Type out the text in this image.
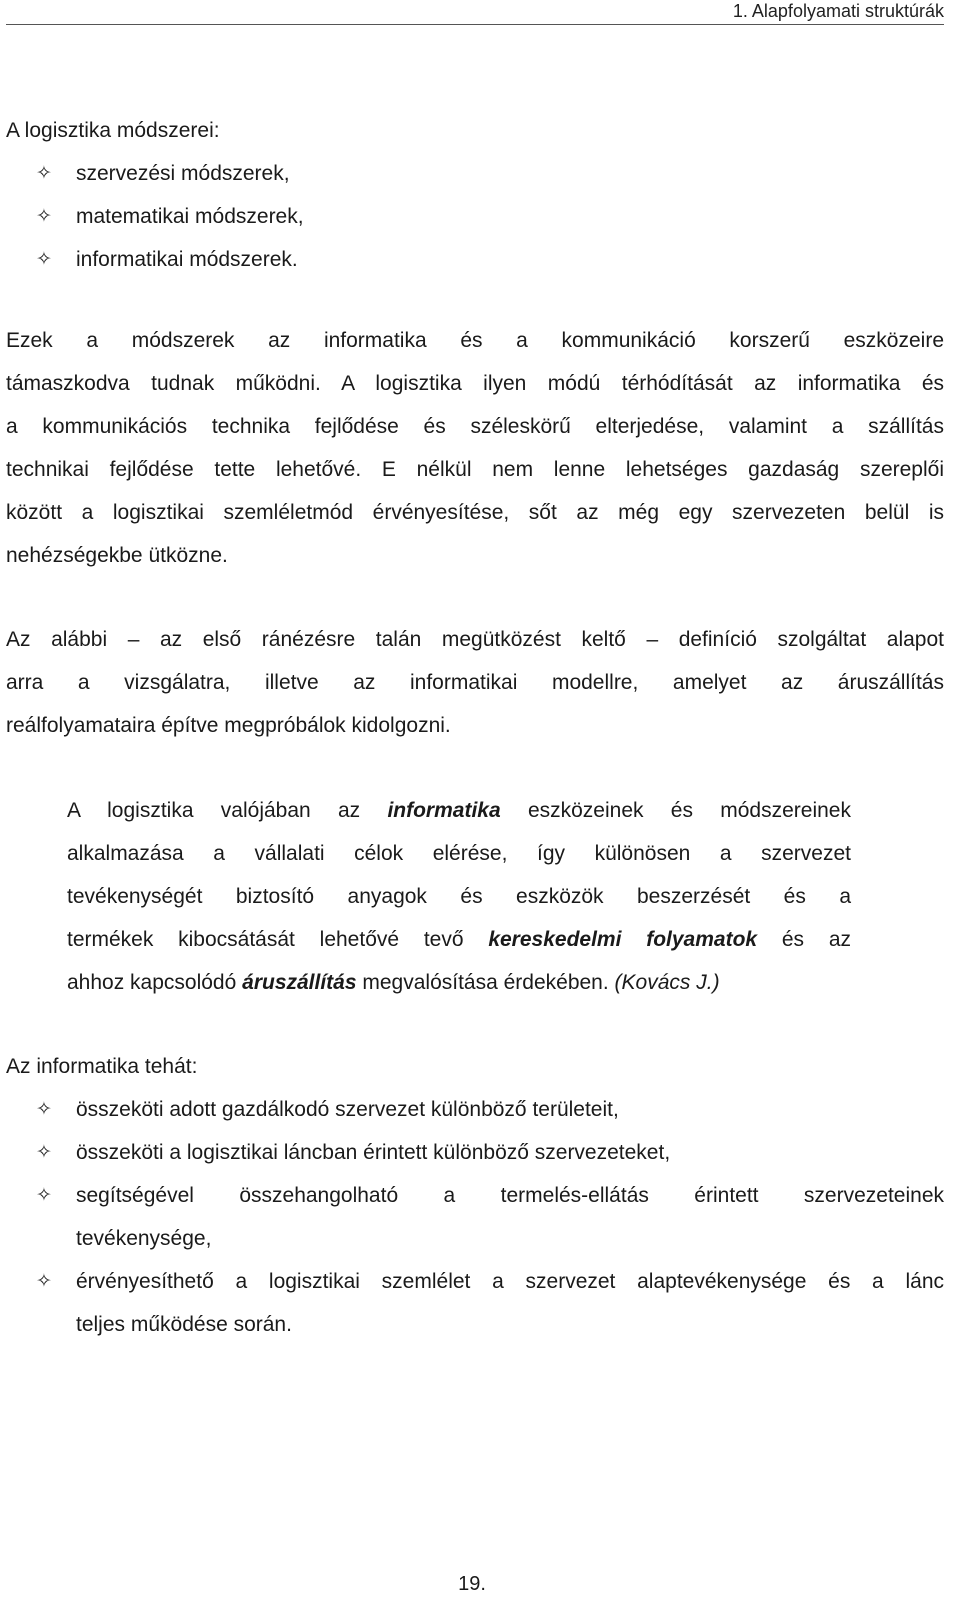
1. Alapfolyamati struktúrák
A logisztika módszerei:
✧ szervezési módszerek,
✧ matematikai módszerek,
✧ informatikai módszerek.
Ezek a módszerek az informatika és a kommunikáció korszerű eszközeire
támaszkodva tudnak működni. A logisztika ilyen módú térhódítását az informatika és
a kommunikációs technika fejlődése és széleskörű elterjedése, valamint a szállítás
technikai fejlődése tette lehetővé. E nélkül nem lenne lehetséges gazdaság szereplői
között a logisztikai szemléletmód érvényesítése, sőt az még egy szervezeten belül is
nehézségekbe ütközne.
Az alábbi – az első ránézésre talán megütközést keltő – definíció szolgáltat alapot
arra a vizsgálatra, illetve az informatikai modellre, amelyet az áruszállítás
reálfolyamataira építve megpróbálok kidolgozni.
A logisztika valójában az informatika eszközeinek és módszereinek
alkalmazása a vállalati célok elérése, így különösen a szervezet
tevékenységét biztosító anyagok és eszközök beszerzését és a
termékek kibocsátását lehetővé tevő kereskedelmi folyamatok és az
ahhoz kapcsolódó áruszállítás megvalósítása érdekében. (Kovács J.)
Az informatika tehát:
✧ összeköti adott gazdálkodó szervezet különböző területeit,
✧ összeköti a logisztikai láncban érintett különböző szervezeteket,
✧ segítségével összehangolható a termelés-ellátás érintett szervezeteinek
tevékenysége,
✧ érvényesíthető a logisztikai szemlélet a szervezet alaptevékenysége és a lánc
teljes működése során.
19.
